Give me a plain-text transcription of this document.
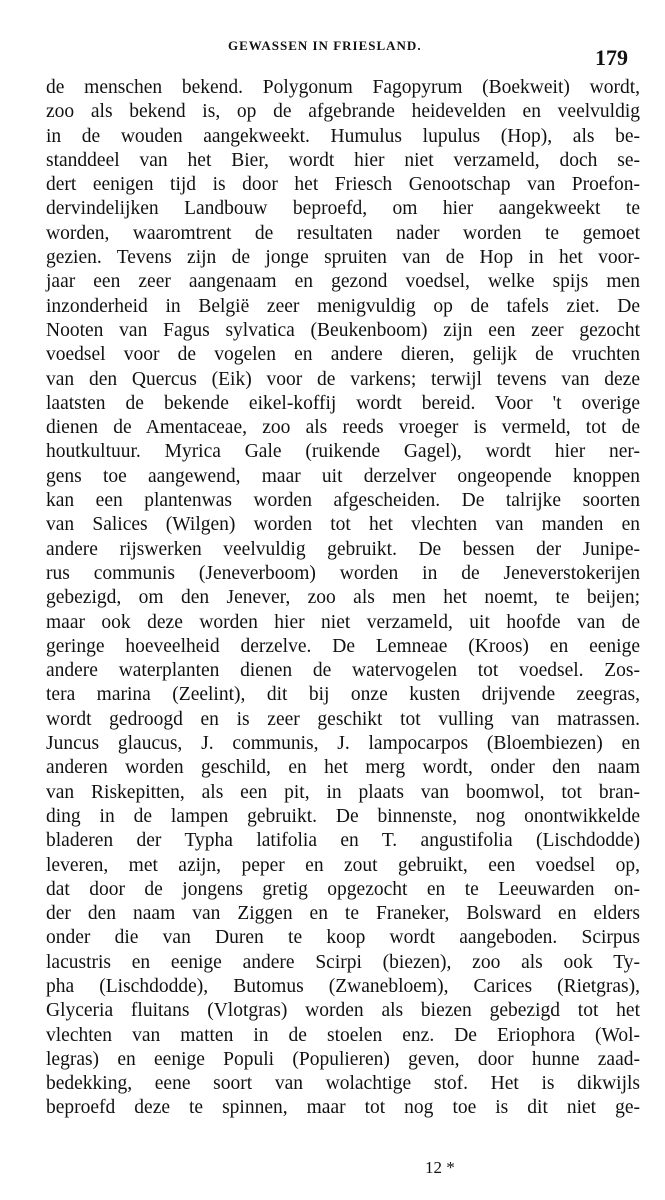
GEWASSEN IN FRIESLAND.	179
de menschen bekend. Polygonum Fagopyrum (Boekweit) wordt,
zoo als bekend is, op de afgebrande heidevelden en veelvuldig
in de wouden aangekweekt. Humulus lupulus (Hop), als be-
standdeel van het Bier, wordt hier niet verzameld, doch se-
dert eenigen tijd is door het Friesch Genootschap van Proefon-
dervindelijken Landbouw beproefd, om hier aangekweekt te
worden, waaromtrent de resultaten nader worden te gemoet
gezien. Tevens zijn de jonge spruiten van de Hop in het voor-
jaar een zeer aangenaam en gezond voedsel, welke spijs men
inzonderheid in België zeer menigvuldig op de tafels ziet. De
Nooten van Fagus sylvatica (Beukenboom) zijn een zeer gezocht
voedsel voor de vogelen en andere dieren, gelijk de vruchten
van den Quercus (Eik) voor de varkens; terwijl tevens van deze
laatsten de bekende eikel-koffij wordt bereid. Voor 't overige
dienen de Amentaceae, zoo als reeds vroeger is vermeld, tot de
houtkultuur. Myrica Gale (ruikende Gagel), wordt hier ner-
gens toe aangewend, maar uit derzelver ongeopende knoppen
kan een plantenwas worden afgescheiden. De talrijke soorten
van Salices (Wilgen) worden tot het vlechten van manden en
andere rijswerken veelvuldig gebruikt. De bessen der Junipe-
rus communis (Jeneverboom) worden in de Jeneverstokerijen
gebezigd, om den Jenever, zoo als men het noemt, te beijen;
maar ook deze worden hier niet verzameld, uit hoofde van de
geringe hoeveelheid derzelve. De Lemneae (Kroos) en eenige
andere waterplanten dienen de watervogelen tot voedsel. Zos-
tera marina (Zeelint), dit bij onze kusten drijvende zeegras,
wordt gedroogd en is zeer geschikt tot vulling van matrassen.
Juncus glaucus, J. communis, J. lampocarpos (Bloembiezen) en
anderen worden geschild, en het merg wordt, onder den naam
van Riskepitten, als een pit, in plaats van boomwol, tot bran-
ding in de lampen gebruikt. De binnenste, nog onontwikkelde
bladeren der Typha latifolia en T. angustifolia (Lischdodde)
leveren, met azijn, peper en zout gebruikt, een voedsel op,
dat door de jongens gretig opgezocht en te Leeuwarden on-
der den naam van Ziggen en te Franeker, Bolsward en elders
onder die van Duren te koop wordt aangeboden. Scirpus
lacustris en eenige andere Scirpi (biezen), zoo als ook Ty-
pha (Lischdodde), Butomus (Zwanebloem), Carices (Rietgras),
Glyceria fluitans (Vlotgras) worden als biezen gebezigd tot het
vlechten van matten in de stoelen enz. De Eriophora (Wol-
legras) en eenige Populi (Populieren) geven, door hunne zaad-
bedekking, eene soort van wolachtige stof. Het is dikwijls
beproefd deze te spinnen, maar tot nog toe is dit niet ge-
12 *
